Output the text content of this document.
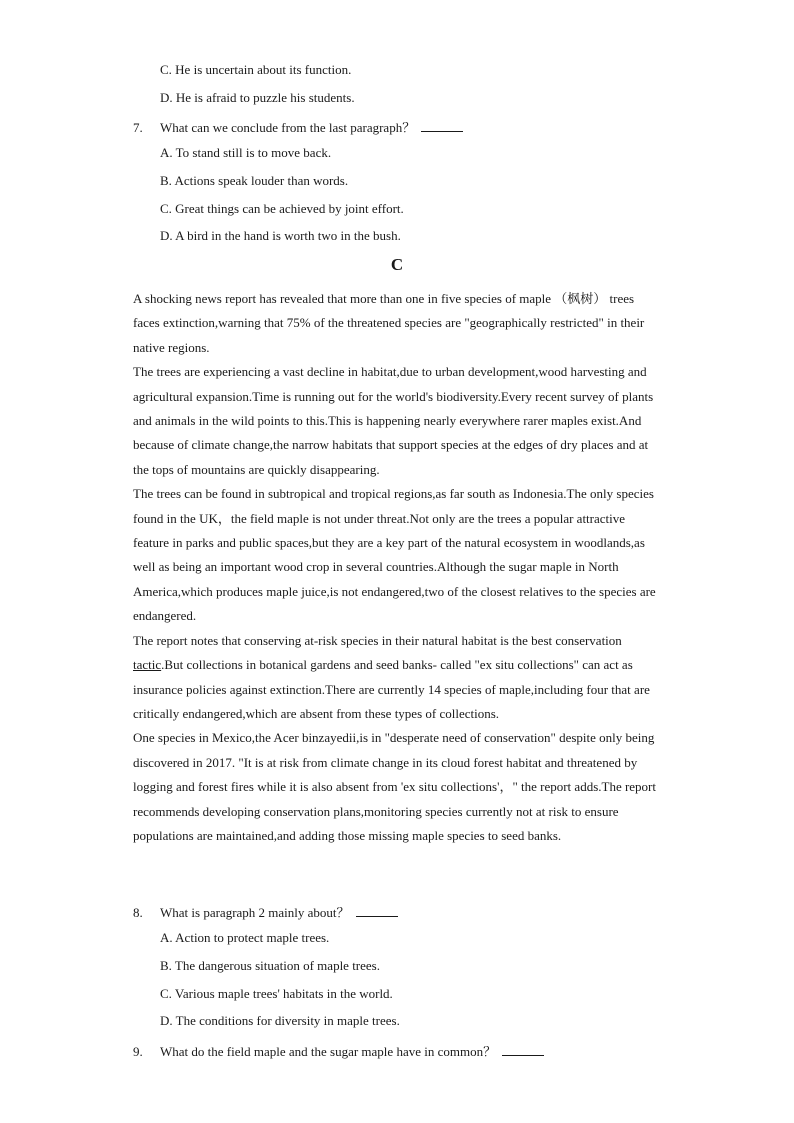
C. He is uncertain about its function.
D. He is afraid to puzzle his students.
7. What can we conclude from the last paragraph？
A. To stand still is to move back.
B. Actions speak louder than words.
C. Great things can be achieved by joint effort.
D. A bird in the hand is worth two in the bush.
C

A shocking news report has revealed that more than one in five species of maple （枫树） trees faces extinction,warning that 75% of the threatened species are "geographically restricted" in their native regions.

The trees are experiencing a vast decline in habitat,due to urban development,wood harvesting and agricultural expansion.Time is running out for the world's biodiversity.Every recent survey of plants and animals in the wild points to this.This is happening nearly everywhere rarer maples exist.And because of climate change,the narrow habitats that support species at the edges of dry places and at the tops of mountains are quickly disappearing.

The trees can be found in subtropical and tropical regions,as far south as Indonesia.The only species found in the UK，the field maple is not under threat.Not only are the trees a popular attractive feature in parks and public spaces,but they are a key part of the natural ecosystem in woodlands,as well as being an important wood crop in several countries.Although the sugar maple in North America,which produces maple juice,is not endangered,two of the closest relatives to the species are endangered.

The report notes that conserving at-risk species in their natural habitat is the best conservation tactic.But collections in botanical gardens and seed banks- called "ex situ collections" can act as insurance policies against extinction.There are currently 14 species of maple,including four that are critically endangered,which are absent from these types of collections.

One species in Mexico,the Acer binzayedii,is in "desperate need of conservation" despite only being discovered in 2017. "It is at risk from climate change in its cloud forest habitat and threatened by logging and forest fires while it is also absent from 'ex situ collections'，" the report adds.The report recommends developing conservation plans,monitoring species currently not at risk to ensure populations are maintained,and adding those missing maple species to seed banks.

8. What is paragraph 2 mainly about？
A. Action to protect maple trees.
B. The dangerous situation of maple trees.
C. Various maple trees' habitats in the world.
D. The conditions for diversity in maple trees.
9. What do the field maple and the sugar maple have in common？
